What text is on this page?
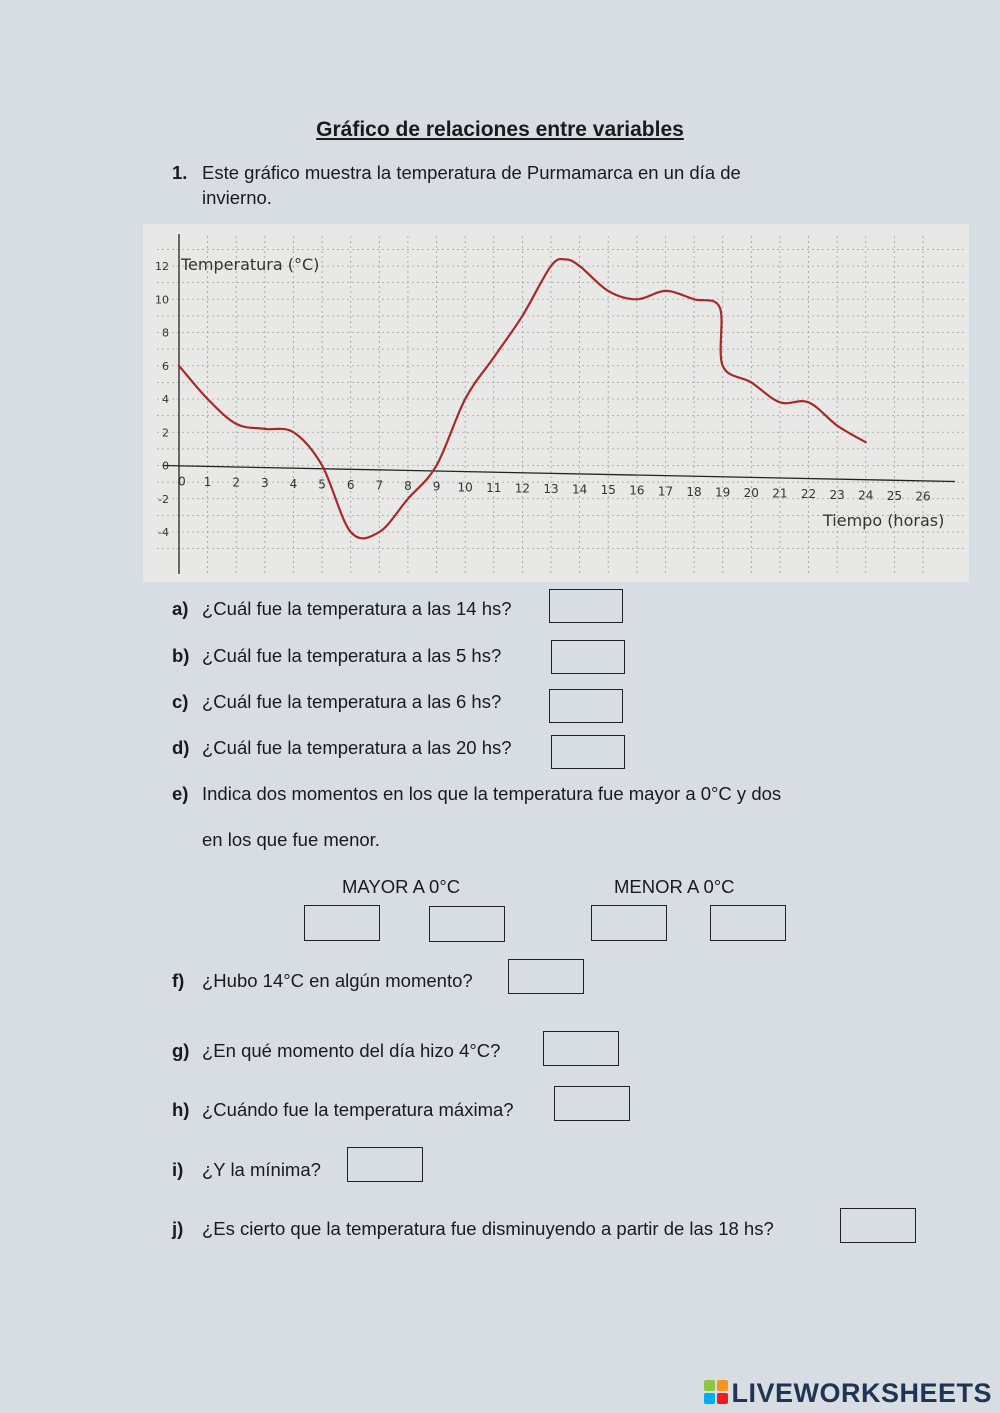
Gráfico de relaciones entre variables
1. Este gráfico muestra la temperatura de Purmamarca en un día de invierno.
0 1 2 3 4 5 6 7 8 9 10 11 12 13 14 15 16 17 18 19 20 21 22 23 24 25 26
12
10
8
6
4
2
0
-2
-4
Temperatura (°C)
Tiempo (horas)
a) ¿Cuál fue la temperatura a las 14 hs?
b) ¿Cuál fue la temperatura a las 5 hs?
c) ¿Cuál fue la temperatura a las 6 hs?
d) ¿Cuál fue la temperatura a las 20 hs?
e) Indica dos momentos en los que la temperatura fue mayor a 0°C y dos
en los que fue menor.
MAYOR A 0°C	MENOR A 0°C
f) ¿Hubo 14°C en algún momento?
g) ¿En qué momento del día hizo 4°C?
h) ¿Cuándo fue la temperatura máxima?
i) ¿Y la mínima?
j) ¿Es cierto que la temperatura fue disminuyendo a partir de las 18 hs?
LIVEWORKSHEETS
